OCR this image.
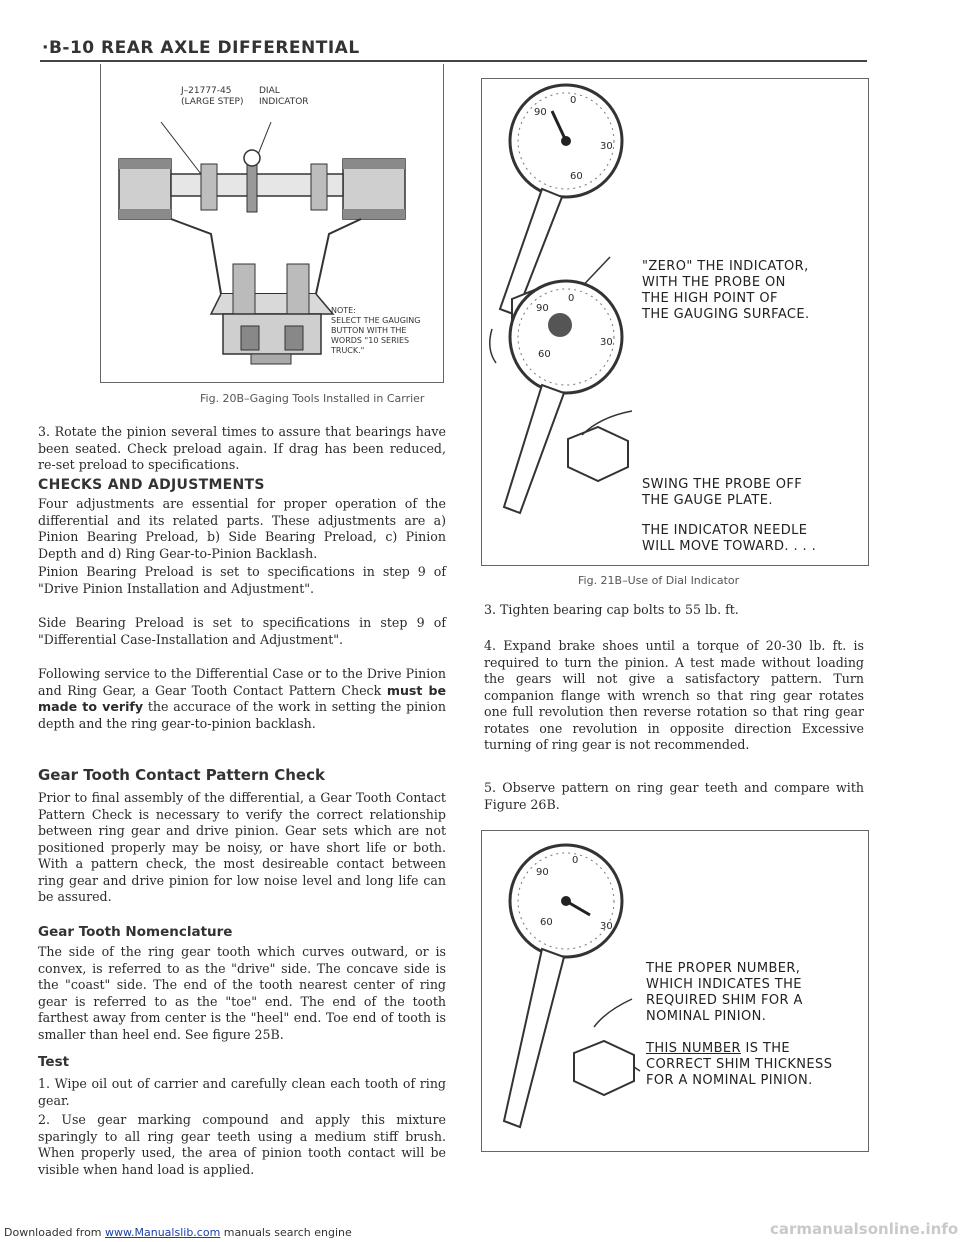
·B-10 REAR AXLE DIFFERENTIAL
J–21777-45
(LARGE STEP)
DIAL
INDICATOR
NOTE:
SELECT THE GAUGING
BUTTON WITH THE
WORDS "10 SERIES
TRUCK."
Fig. 20B–Gaging Tools Installed in Carrier
3. Rotate the pinion several times to assure that bearings have been seated. Check preload again. If drag has been reduced, re-set preload to specifications.
CHECKS AND ADJUSTMENTS
Four adjustments are essential for proper operation of the differential and its related parts. These adjustments are a) Pinion Bearing Preload, b) Side Bearing Preload, c) Pinion Depth and d) Ring Gear-to-Pinion Backlash.
Pinion Bearing Preload is set to specifications in step 9 of "Drive Pinion Installation and Adjustment".
Side Bearing Preload is set to specifications in step 9 of "Differential Case-Installation and Adjustment".
Following service to the Differential Case or to the Drive Pinion and Ring Gear, a Gear Tooth Contact Pattern Check must be made to verify the accurace of the work in setting the pinion depth and the ring gear-to-pinion backlash.
Gear Tooth Contact Pattern Check
Prior to final assembly of the differential, a Gear Tooth Contact Pattern Check is necessary to verify the correct relationship between ring gear and drive pinion. Gear sets which are not positioned properly may be noisy, or have short life or both. With a pattern check, the most desireable contact between ring gear and drive pinion for low noise level and long life can be assured.
Gear Tooth Nomenclature
The side of the ring gear tooth which curves outward, or is convex, is referred to as the "drive" side. The concave side is the "coast" side. The end of the tooth nearest center of ring gear is referred to as the "toe" end. The end of the tooth farthest away from center is the "heel" end. Toe end of tooth is smaller than heel end. See figure 25B.
Test
1. Wipe oil out of carrier and carefully clean each tooth of ring gear.
2. Use gear marking compound and apply this mixture sparingly to all ring gear teeth using a medium stiff brush. When properly used, the area of pinion tooth contact will be visible when hand load is applied.
90
0
30
60
90
0
30
60
"ZERO" THE INDICATOR,
WITH THE PROBE ON
THE HIGH POINT OF
THE GAUGING SURFACE.
SWING THE PROBE OFF
THE GAUGE PLATE.
THE INDICATOR NEEDLE
WILL MOVE TOWARD. . . .
Fig. 21B–Use of Dial Indicator
3. Tighten bearing cap bolts to 55 lb. ft.
4. Expand brake shoes until a torque of 20-30 lb. ft. is required to turn the pinion. A test made without loading the gears will not give a satisfactory pattern. Turn companion flange with wrench so that ring gear rotates one full revolution then reverse rotation so that ring gear rotates one revolution in opposite direction Excessive turning of ring gear is not recommended.
5. Observe pattern on ring gear teeth and compare with Figure 26B.
90
0
30
60
THE PROPER NUMBER,
WHICH INDICATES THE
REQUIRED SHIM FOR A
NOMINAL PINION.
THIS NUMBER IS THE
CORRECT SHIM THICKNESS
FOR A NOMINAL PINION.
Downloaded from www.Manualslib.com manuals search engine	carmanualsonline.info
